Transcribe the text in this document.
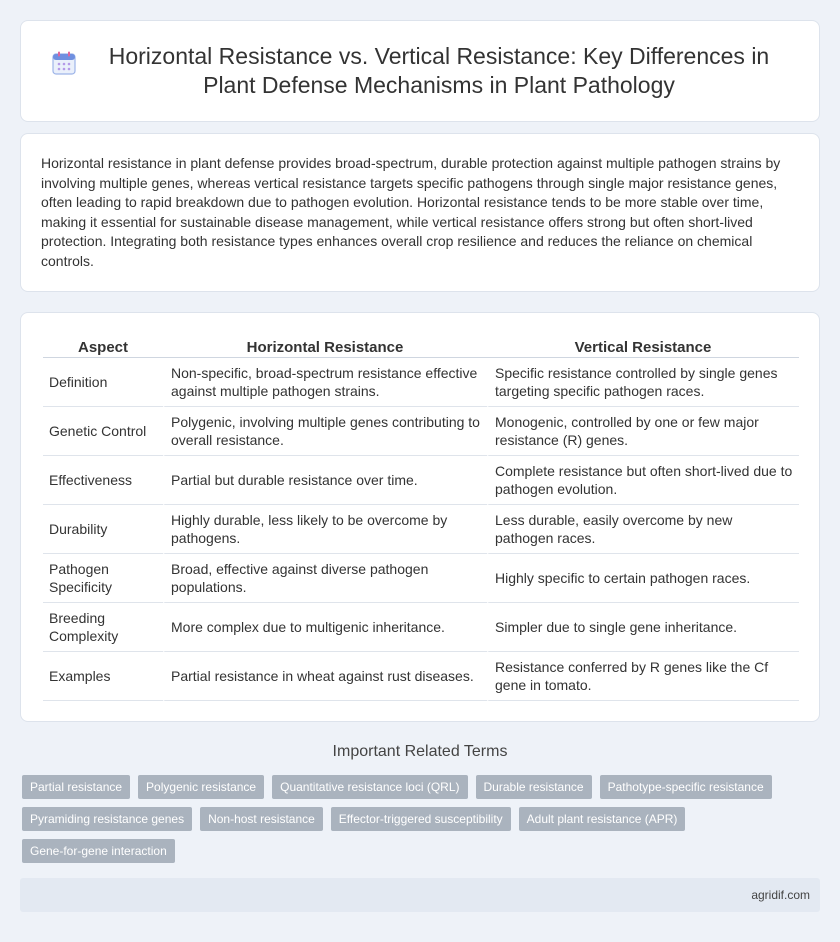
Horizontal Resistance vs. Vertical Resistance: Key Differences in Plant Defense Mechanisms in Plant Pathology

Horizontal resistance in plant defense provides broad-spectrum, durable protection against multiple pathogen strains by involving multiple genes, whereas vertical resistance targets specific pathogens through single major resistance genes, often leading to rapid breakdown due to pathogen evolution. Horizontal resistance tends to be more stable over time, making it essential for sustainable disease management, while vertical resistance offers strong but often short-lived protection. Integrating both resistance types enhances overall crop resilience and reduces the reliance on chemical controls.

Aspect	Horizontal Resistance	Vertical Resistance
Definition	Non-specific, broad-spectrum resistance effective against multiple pathogen strains.	Specific resistance controlled by single genes targeting specific pathogen races.
Genetic Control	Polygenic, involving multiple genes contributing to overall resistance.	Monogenic, controlled by one or few major resistance (R) genes.
Effectiveness	Partial but durable resistance over time.	Complete resistance but often short-lived due to pathogen evolution.
Durability	Highly durable, less likely to be overcome by pathogens.	Less durable, easily overcome by new pathogen races.
Pathogen Specificity	Broad, effective against diverse pathogen populations.	Highly specific to certain pathogen races.
Breeding Complexity	More complex due to multigenic inheritance.	Simpler due to single gene inheritance.
Examples	Partial resistance in wheat against rust diseases.	Resistance conferred by R genes like the Cf gene in tomato.
Important Related Terms
Partial resistance	Polygenic resistance	Quantitative resistance loci (QRL)	Durable resistance	Pathotype-specific resistance
Pyramiding resistance genes	Non-host resistance	Effector-triggered susceptibility	Adult plant resistance (APR)
Gene-for-gene interaction
agridif.com
